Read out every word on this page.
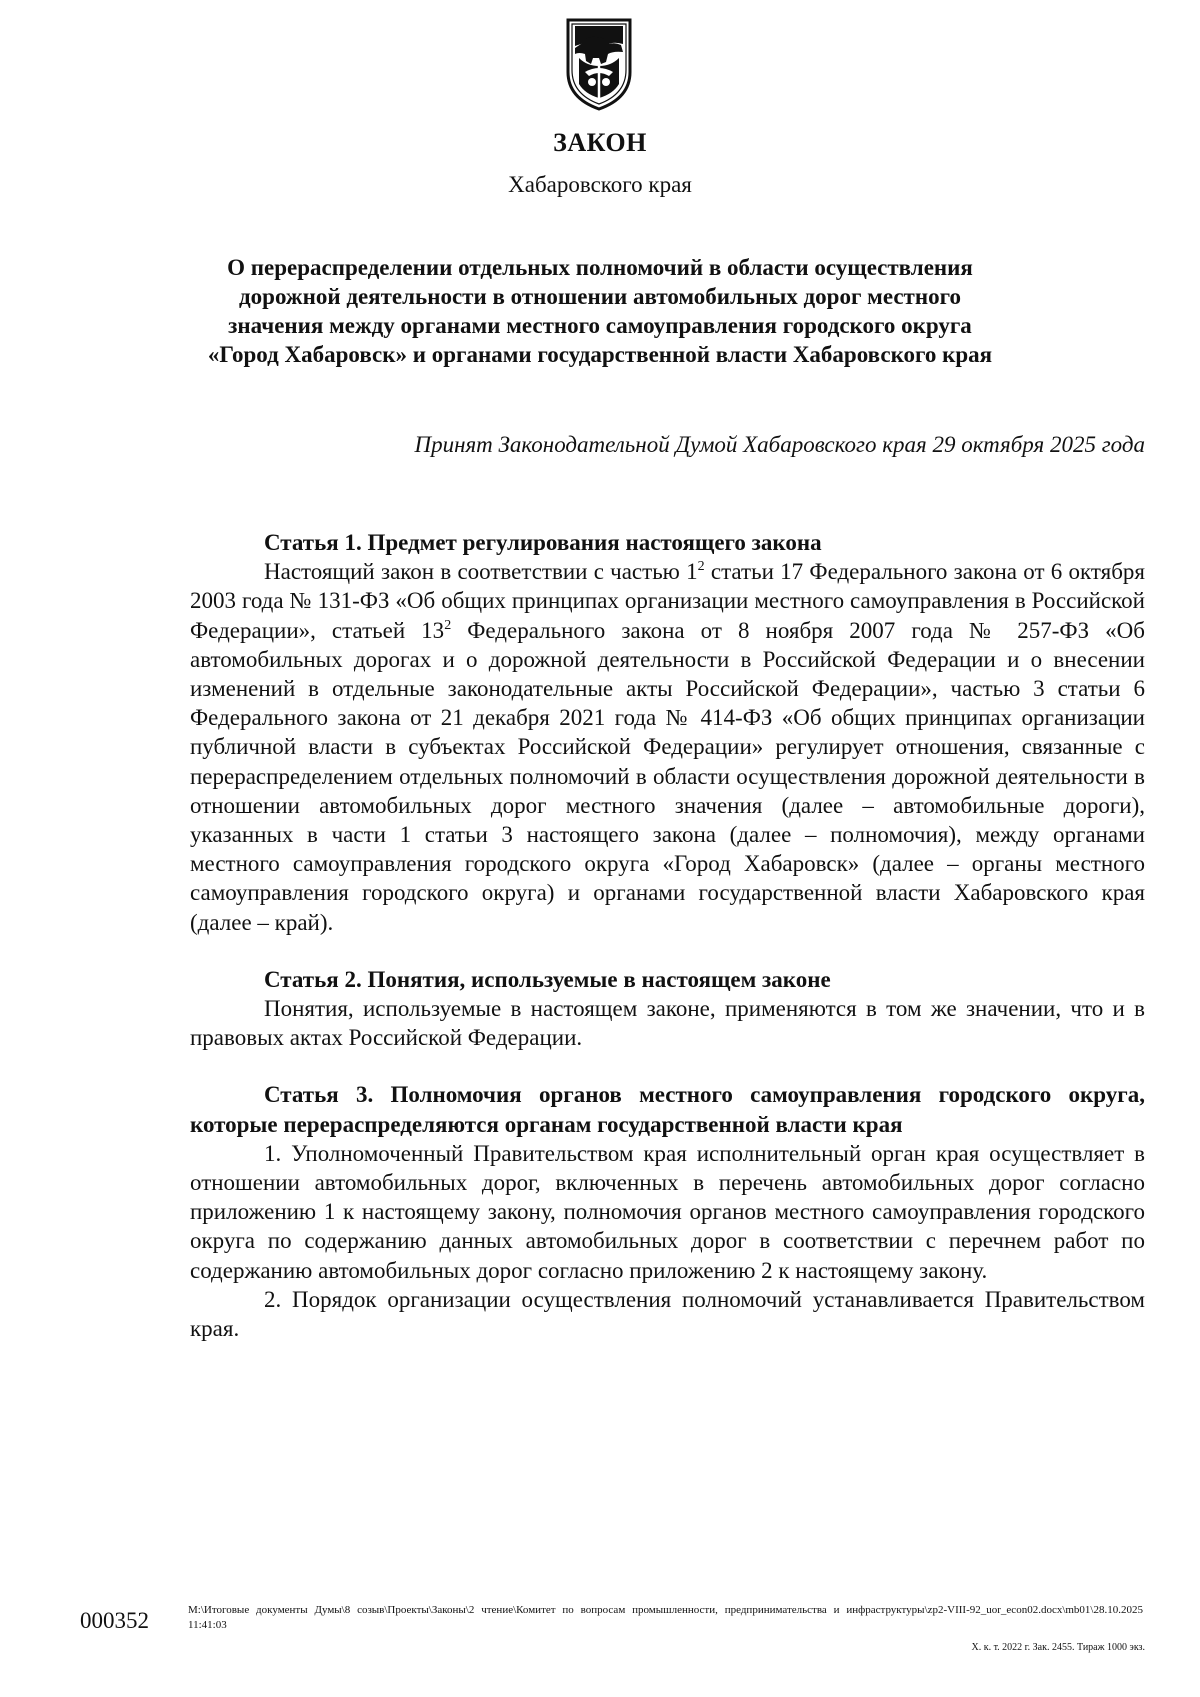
ЗАКОН
Хабаровского края
О перераспределении отдельных полномочий в области осуществления дорожной деятельности в отношении автомобильных дорог местного значения между органами местного самоуправления городского округа «Город Хабаровск» и органами государственной власти Хабаровского края
Принят Законодательной Думой Хабаровского края 29 октября 2025 года

Статья 1. Предмет регулирования настоящего закона

Настоящий закон в соответствии с частью $1^2$ статьи 17 Федерального закона от 6 октября 2003 года № 131-ФЗ «Об общих принципах организации местного самоуправления в Российской Федерации», статьей $13^2$ Федерального закона от 8 ноября 2007 года № 257-ФЗ «Об автомобильных дорогах и о дорожной деятельности в Российской Федерации и о внесении изменений в отдельные законодательные акты Российской Федерации», частью 3 статьи 6 Федерального закона от 21 декабря 2021 года № 414-ФЗ «Об общих принципах организации публичной власти в субъектах Российской Федерации» регулирует отношения, связанные с перераспределением отдельных полномочий в области осуществления дорожной деятельности в отношении автомобильных дорог местного значения (далее – автомобильные дороги), указанных в части 1 статьи 3 настоящего закона (далее – полномочия), между органами местного самоуправления городского округа «Город Хабаровск» (далее – органы местного самоуправления городского округа) и органами государственной власти Хабаровского края (далее – край).

Статья 2. Понятия, используемые в настоящем законе

Понятия, используемые в настоящем законе, применяются в том же значении, что и в правовых актах Российской Федерации.

Статья 3. Полномочия органов местного самоуправления городского округа, которые перераспределяются органам государственной власти края

1. Уполномоченный Правительством края исполнительный орган края осуществляет в отношении автомобильных дорог, включенных в перечень автомобильных дорог согласно приложению 1 к настоящему закону, полномочия органов местного самоуправления городского округа по содержанию данных автомобильных дорог в соответствии с перечнем работ по содержанию автомобильных дорог согласно приложению 2 к настоящему закону.

2. Порядок организации осуществления полномочий устанавливается Правительством края.

000352	M:\Итоговые документы Думы\8 созыв\Проекты\Законы\2 чтение\Комитет по вопросам промышленности, предпринимательства и инфраструктуры\zp2-VIII-92_uor_econ02.docx\mb01\28.10.2025 11:41:03
Х. к. т. 2022 г. Зак. 2455. Тираж 1000 экз.
